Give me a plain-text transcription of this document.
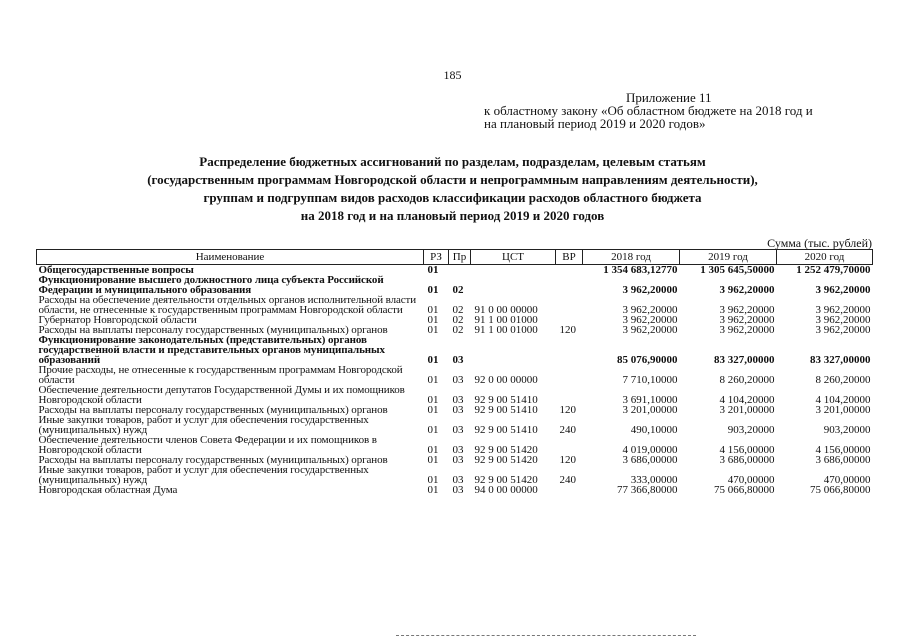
185
Приложение 11
к областному закону «Об областном бюджете на 2018 год и
на плановый период 2019 и 2020 годов»
Распределение бюджетных ассигнований по разделам, подразделам, целевым статьям
(государственным программам Новгородской области и непрограммным направлениям деятельности),
группам и подгруппам видов расходов классификации расходов областного бюджета
на 2018 год и на плановый период 2019 и 2020 годов
Сумма (тыс. рублей)
Наименование	РЗ	Пр	ЦСТ	ВР	2018 год	2019 год	2020 год
Общегосударственные вопросы	01				1 354 683,12770	1 305 645,50000	1 252 479,70000
Функционирование высшего должностного лица субъекта Российской Федерации и муниципального образования	01	02			3 962,20000	3 962,20000	3 962,20000
Расходы на обеспечение деятельности отдельных органов исполнительной власти области, не отнесенные к государственным программам Новгородской области	01	02	91 0 00 00000		3 962,20000	3 962,20000	3 962,20000
Губернатор Новгородской области	01	02	91 1 00 01000		3 962,20000	3 962,20000	3 962,20000
Расходы на выплаты персоналу государственных (муниципальных) органов	01	02	91 1 00 01000	120	3 962,20000	3 962,20000	3 962,20000
Функционирование законодательных (представительных) органов государственной власти и представительных органов муниципальных образований	01	03			85 076,90000	83 327,00000	83 327,00000
Прочие расходы, не отнесенные к государственным программам Новгородской области	01	03	92 0 00 00000		7 710,10000	8 260,20000	8 260,20000
Обеспечение деятельности депутатов Государственной Думы и их помощников Новгородской области	01	03	92 9 00 51410		3 691,10000	4 104,20000	4 104,20000
Расходы на выплаты персоналу государственных (муниципальных) органов	01	03	92 9 00 51410	120	3 201,00000	3 201,00000	3 201,00000
Иные закупки товаров, работ и услуг для обеспечения государственных (муниципальных) нужд	01	03	92 9 00 51410	240	490,10000	903,20000	903,20000
Обеспечение деятельности членов Совета Федерации и их помощников в Новгородской области	01	03	92 9 00 51420		4 019,00000	4 156,00000	4 156,00000
Расходы на выплаты персоналу государственных (муниципальных) органов	01	03	92 9 00 51420	120	3 686,00000	3 686,00000	3 686,00000
Иные закупки товаров, работ и услуг для обеспечения государственных (муниципальных) нужд	01	03	92 9 00 51420	240	333,00000	470,00000	470,00000
Новгородская областная Дума	01	03	94 0 00 00000		77 366,80000	75 066,80000	75 066,80000
